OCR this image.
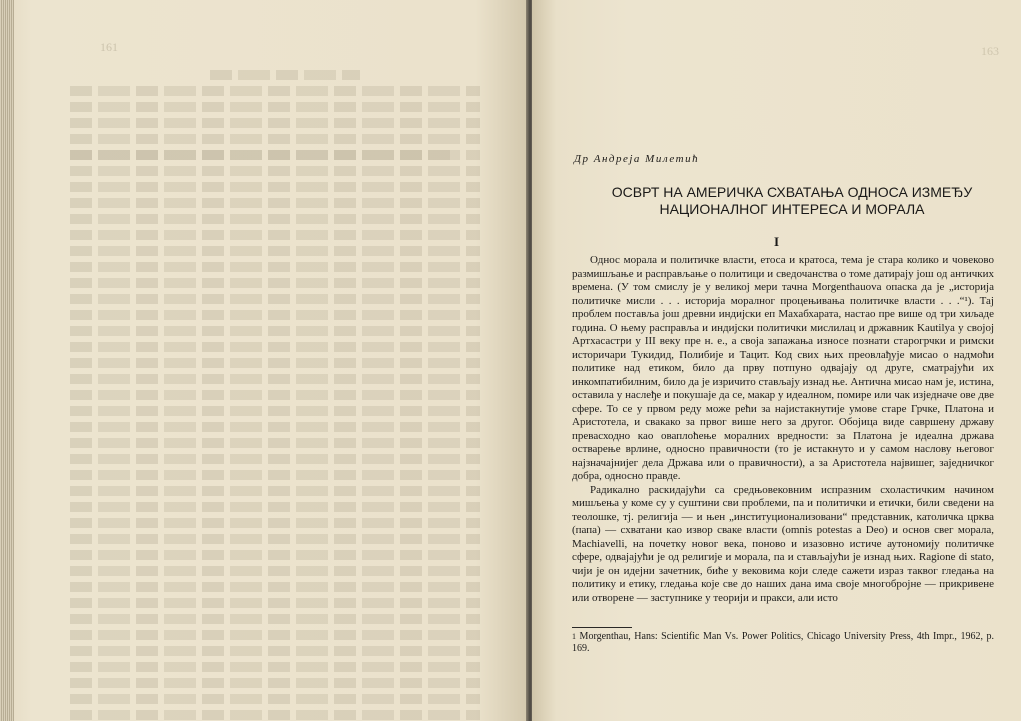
161	163
Др Андреја Милетић
ОСВРТ НА АМЕРИЧКА СХВАТАЊА ОДНОСА ИЗМЕЂУ
НАЦИОНАЛНОГ ИНТЕРЕСА И МОРАЛА
I

Однос морала и политичке власти, етоса и кратоса, тема је стара колико и човеково размишљање и расправљање о политици и сведочанства о томе датирају још од античких времена. (У том смислу је у великој мери тачна Morgenthauova опаска да је „историја политичке мисли . . . историја моралног процењивања политичке власти . . .“¹). Тај проблем поставља још древни индијски еп Махабхарата, настао пре више од три хиљаде година. О њему расправља и индијски политички мислилац и државник Kautilya у својој Артхасастри у III веку пре н. е., а своја запажања износе познати старогрчки и римски историчари Тукидид, Полибије и Тацит. Код свих њих преовлађује мисао о надмоћи политике над етиком, било да прву потпуно одвајају од друге, сматрајући их инкомпатибилним, било да је изричито стављају изнад ње. Антична мисао нам је, истина, оставила у наслеђе и покушаје да се, макар у идеалном, помире или чак изједначе ове две сфере. То се у првом реду може рећи за најистакнутије умове старе Грчке, Платона и Аристотела, и свакако за првог више него за другог. Обојица виде савршену државу превасходно као оваплоћење моралних вредности: за Платона је идеална држава остварење врлине, односно правичности (то је истакнуто и у самом наслову његовог најзначајнијег дела Држава или о правичности), а за Аристотела највишег, заједничког добра, односно правде.

Радикално раскидајући са средњовековним испразним схоластичким начином мишљења у коме су у суштини сви проблеми, па и политички и етички, били сведени на теолошке, тј. религија — и њен „институционализовани“ представник, католичка црква (папа) — схватани као извор сваке власти (omnis potestas a Deo) и основ свег морала, Machiavelli, на почетку новог века, поново и изазовно истиче аутономију политичке сфере, одвајајући је од религије и морала, па и стављајући је изнад њих. Ragione di stato, чији је он идејни зачетник, биће у вековима који следе сажети израз таквог гледања на политику и етику, гледања које све до наших дана има своје многобројне — прикривене или отворене — заступнике у теорији и пракси, али исто

$^1$ Morgenthau, Hans: Scientific Man Vs. Power Politics, Chicago University Press, 4th Impr., 1962, p. 169.
